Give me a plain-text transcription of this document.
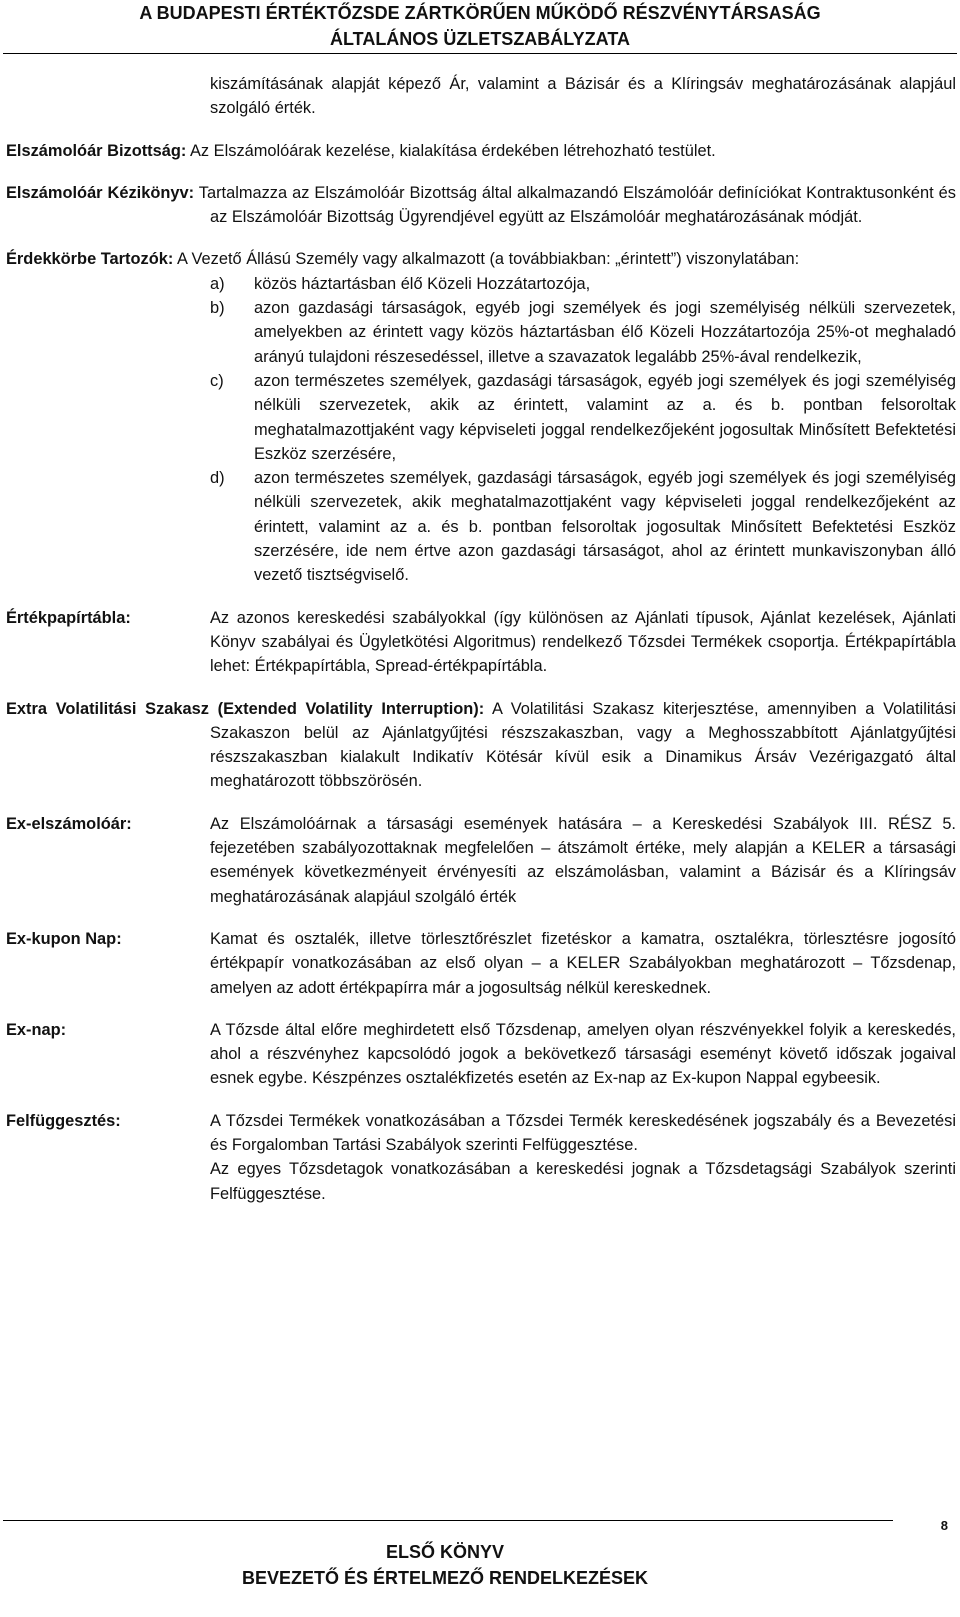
A BUDAPESTI ÉRTÉKTŐZSDE ZÁRTKÖRŰEN MŰKÖDŐ RÉSZVÉNYTÁRSASÁG
ÁLTALÁNOS ÜZLETSZABÁLYZATA
kiszámításának alapját képező Ár, valamint a Bázisár és a Klíringsáv meghatározásának alapjául szolgáló érték.

Elszámolóár Bizottság: Az Elszámolóárak kezelése, kialakítása érdekében létrehozható testület.

Elszámolóár Kézikönyv: Tartalmazza az Elszámolóár Bizottság által alkalmazandó Elszámolóár definíciókat Kontraktusonként és az Elszámolóár Bizottság Ügyrendjével együtt az Elszámolóár meghatározásának módját.

Érdekkörbe Tartozók: A Vezető Állású Személy vagy alkalmazott (a továbbiakban: „érintett”) viszonylatában:
a) közös háztartásban élő Közeli Hozzátartozója,
b) azon gazdasági társaságok, egyéb jogi személyek és jogi személyiség nélküli szervezetek, amelyekben az érintett vagy közös háztartásban élő Közeli Hozzátartozója 25%-ot meghaladó arányú tulajdoni részesedéssel, illetve a szavazatok legalább 25%-ával rendelkezik,
c) azon természetes személyek, gazdasági társaságok, egyéb jogi személyek és jogi személyiség nélküli szervezetek, akik az érintett, valamint az a. és b. pontban felsoroltak meghatalmazottjaként vagy képviseleti joggal rendelkezőjeként jogosultak Minősített Befektetési Eszköz szerzésére,
d) azon természetes személyek, gazdasági társaságok, egyéb jogi személyek és jogi személyiség nélküli szervezetek, akik meghatalmazottjaként vagy képviseleti joggal rendelkezőjeként az érintett, valamint az a. és b. pontban felsoroltak jogosultak Minősített Befektetési Eszköz szerzésére, ide nem értve azon gazdasági társaságot, ahol az érintett munkaviszonyban álló vezető tisztségviselő.
Értékpapírtábla:	Az azonos kereskedési szabályokkal (így különösen az Ajánlati típusok, Ajánlat kezelések, Ajánlati Könyv szabályai és Ügyletkötési Algoritmus) rendelkező Tőzsdei Termékek csoportja. Értékpapírtábla lehet: Értékpapírtábla, Spread-értékpapírtábla.

Extra Volatilitási Szakasz (Extended Volatility Interruption): A Volatilitási Szakasz kiterjesztése, amennyiben a Volatilitási Szakaszon belül az Ajánlatgyűjtési részszakaszban, vagy a Meghosszabbított Ajánlatgyűjtési részszakaszban kialakult Indikatív Kötésár kívül esik a Dinamikus Ársáv Vezérigazgató által meghatározott többszörösén.

Ex-elszámolóár:	Az Elszámolóárnak a társasági események hatására – a Kereskedési Szabályok III. RÉSZ 5. fejezetében szabályozottaknak megfelelően – átszámolt értéke, mely alapján a KELER a társasági események következményeit érvényesíti az elszámolásban, valamint a Bázisár és a Klíringsáv meghatározásának alapjául szolgáló érték
Ex-kupon Nap:	Kamat és osztalék, illetve törlesztőrészlet fizetéskor a kamatra, osztalékra, törlesztésre jogosító értékpapír vonatkozásában az első olyan – a KELER Szabályokban meghatározott – Tőzsdenap, amelyen az adott értékpapírra már a jogosultság nélkül kereskednek.
Ex-nap:	A Tőzsde által előre meghirdetett első Tőzsdenap, amelyen olyan részvényekkel folyik a kereskedés, ahol a részvényhez kapcsolódó jogok a bekövetkező társasági eseményt követő időszak jogaival esnek egybe. Készpénzes osztalékfizetés esetén az Ex-nap az Ex-kupon Nappal egybeesik.
Felfüggesztés:	A Tőzsdei Termékek vonatkozásában a Tőzsdei Termék kereskedésének jogszabály és a Bevezetési és Forgalomban Tartási Szabályok szerinti Felfüggesztése.

Az egyes Tőzsdetagok vonatkozásában a kereskedési jognak a Tőzsdetagsági Szabályok szerinti Felfüggesztése.

8
ELSŐ KÖNYV
BEVEZETŐ ÉS ÉRTELMEZŐ RENDELKEZÉSEK
